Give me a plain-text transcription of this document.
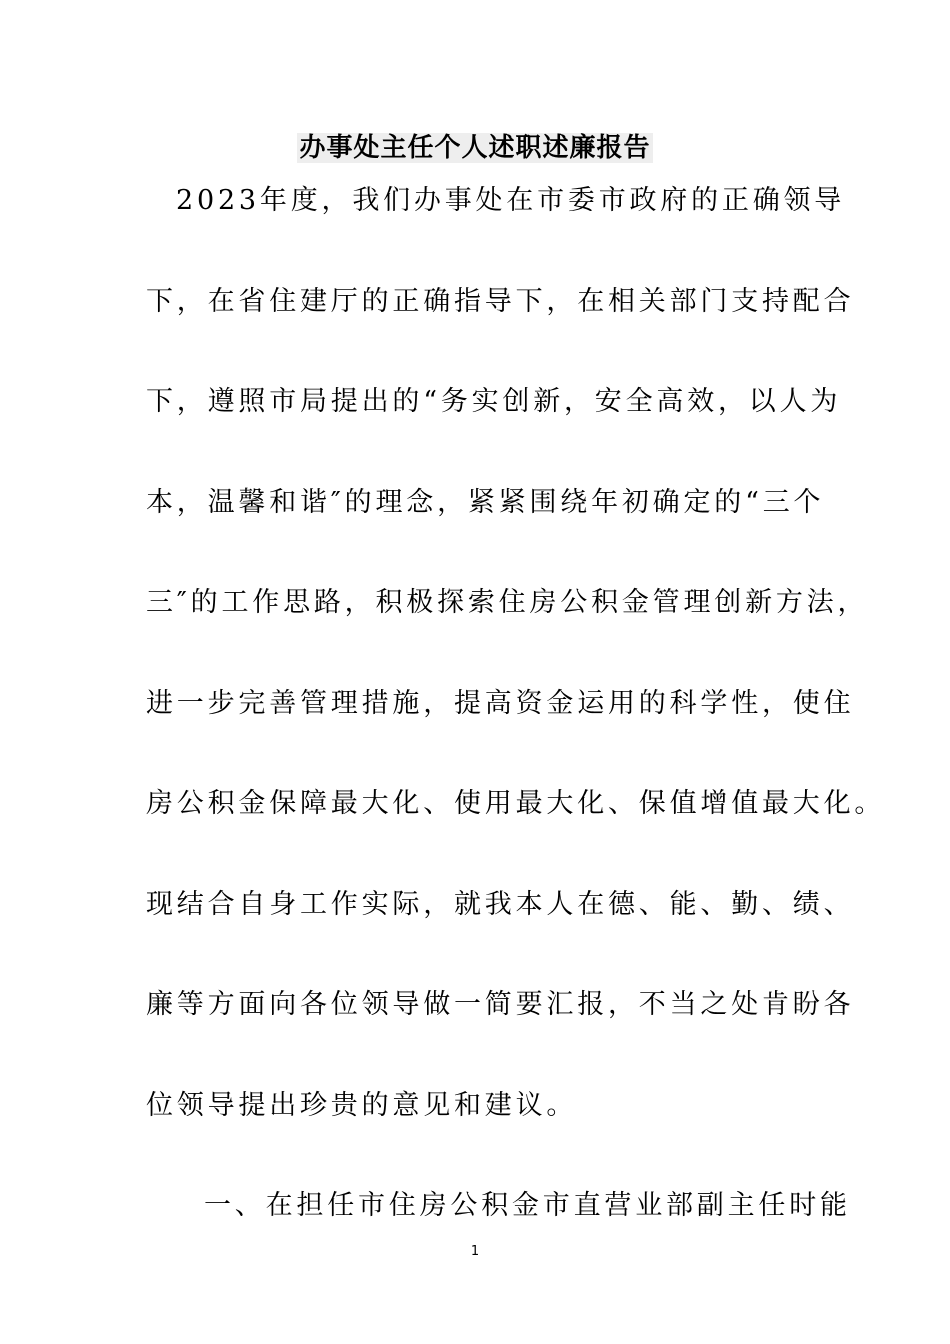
办事处主任个人述职述廉报告
2023年度，我们办事处在市委市政府的正确领导
下，在省住建厅的正确指导下，在相关部门支持配合
下，遵照市局提出的“务实创新，安全高效，以人为
本，温馨和谐″的理念，紧紧围绕年初确定的“三个
三″的工作思路，积极探索住房公积金管理创新方法，
进一步完善管理措施，提高资金运用的科学性，使住
房公积金保障最大化、使用最大化、保值增值最大化。
现结合自身工作实际，就我本人在德、能、勤、绩、
廉等方面向各位领导做一简要汇报，不当之处肯盼各
位领导提出珍贵的意见和建议。
一、在担任市住房公积金市直营业部副主任时能
1
